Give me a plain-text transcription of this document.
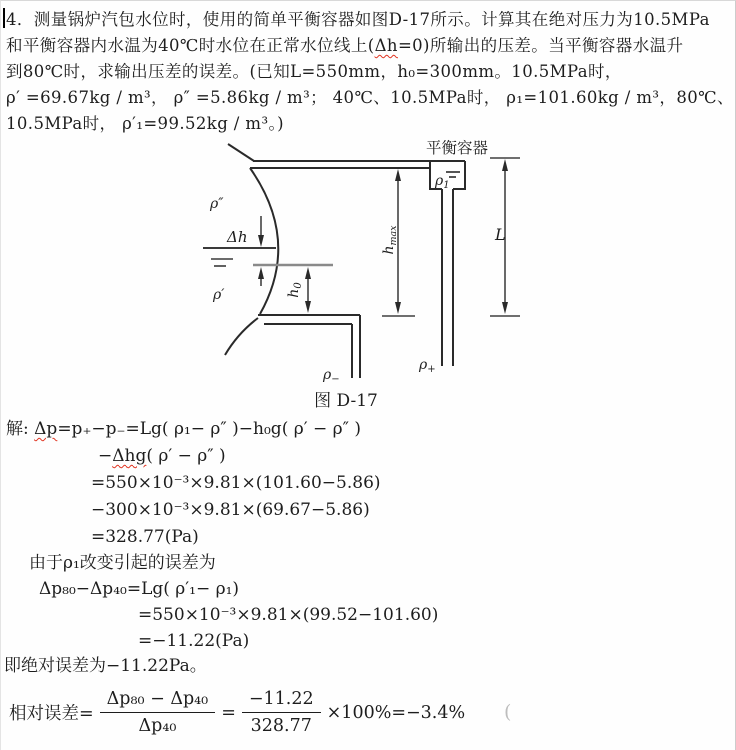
4．测量锅炉汽包水位时，使用的简单平衡容器如图D-17所示。计算其在绝对压力为10.5MPa
和平衡容器内水温为40℃时水位在正常水位线上(Δh=0)所输出的压差。当平衡容器水温升
到80℃时，求输出压差的误差。(已知L=550mm，h₀=300mm。10.5MPa时，
ρ′ =69.67kg / m³， ρ″ =5.86kg / m³； 40℃、10.5MPa时， ρ₁=101.60kg / m³，80℃、
10.5MPa时， ρ′₁=99.52kg / m³。)
平衡容器
ρ″
ρ′
Δh
$h_0$
$h_{max}$	L
$\rho_1$
$\rho_-$
$\rho_+$
图 D-17
解: Δp=p₊−p₋=Lg( ρ₁− ρ″ )−h₀g( ρ′ − ρ″ )
−Δhg( ρ′ − ρ″ )
=550×10⁻³×9.81×(101.60−5.86)
−300×10⁻³×9.81×(69.67−5.86)
=328.77(Pa)
由于ρ₁改变引起的误差为
Δp₈₀−Δp₄₀=Lg( ρ′₁− ρ₁)
=550×10⁻³×9.81×(99.52−101.60)
=−11.22(Pa)
即绝对误差为−11.22Pa。
相对误差= $\frac{\text{Δp₈₀ − Δp₄₀}}{\text{Δp₄₀}} = \frac{-11.22}{328.77} \times 100\%=-3.4\%$ (
